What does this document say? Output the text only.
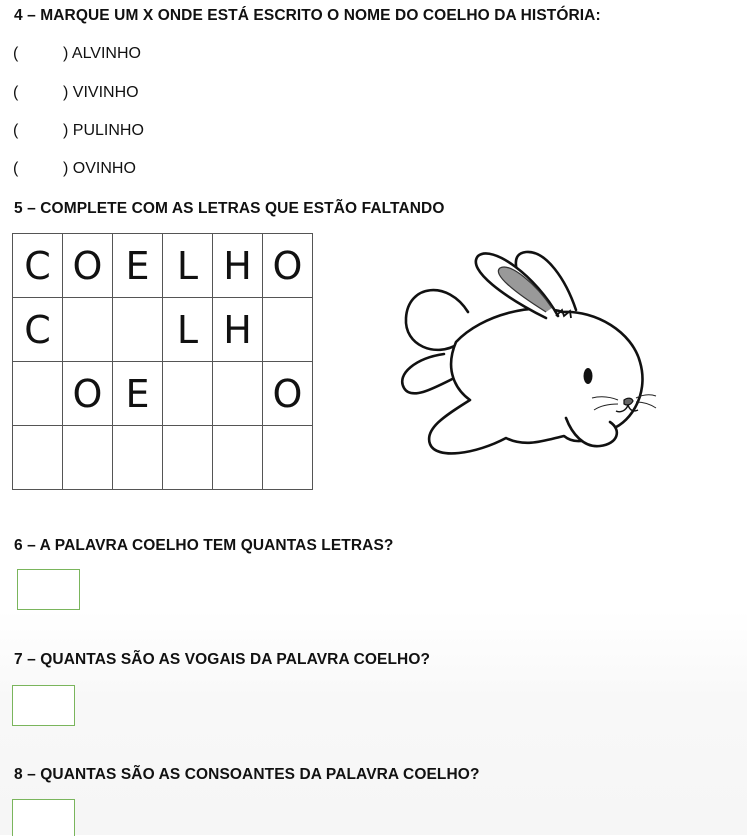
4 – MARQUE UM X ONDE ESTÁ ESCRITO O NOME DO COELHO DA HISTÓRIA:
(	) ALVINHO
(	) VIVINHO
(	) PULINHO
(	) OVINHO
5 – COMPLETE COM AS LETRAS QUE ESTÃO FALTANDO
C	O	E	L	H	O
C			L	H	
	O	E			O

6 – A PALAVRA COELHO TEM QUANTAS LETRAS?
7 – QUANTAS SÃO AS VOGAIS DA PALAVRA COELHO?
8 – QUANTAS SÃO AS CONSOANTES DA PALAVRA COELHO?
